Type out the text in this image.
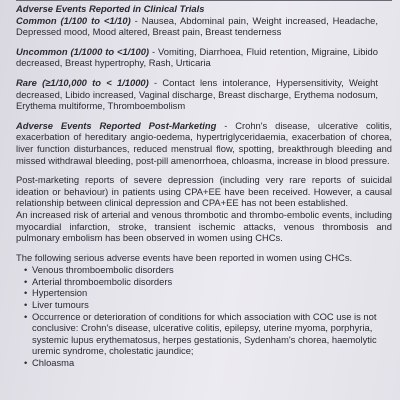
Adverse Events Reported in Clinical Trials

Common (1/100 to <1/10) - Nausea, Abdominal pain, Weight increased, Headache, Depressed mood, Mood altered, Breast pain, Breast tenderness

Uncommon (1/1000 to <1/100) - Vomiting, Diarrhoea, Fluid retention, Migraine, Libido decreased, Breast hypertrophy, Rash, Urticaria

Rare (≥1/10,000 to < 1/1000) - Contact lens intolerance, Hypersensitivity, Weight decreased, Libido increased, Vaginal discharge, Breast discharge, Erythema nodosum, Erythema multiforme, Thromboembolism

Adverse Events Reported Post-Marketing - Crohn's disease, ulcerative colitis, exacerbation of hereditary angio-oedema, hypertriglyceridaemia, exacerbation of chorea, liver function disturbances, reduced menstrual flow, spotting, breakthrough bleeding and missed withdrawal bleeding, post-pill amenorrhoea, chloasma, increase in blood pressure.

Post-marketing reports of severe depression (including very rare reports of suicidal ideation or behaviour) in patients using CPA+EE have been received. However, a causal relationship between clinical depression and CPA+EE has not been established.

An increased risk of arterial and venous thrombotic and thrombo-embolic events, including myocardial infarction, stroke, transient ischemic attacks, venous thrombosis and pulmonary embolism has been observed in women using CHCs.

The following serious adverse events have been reported in women using CHCs.

• Venous thromboembolic disorders
• Arterial thromboembolic disorders
• Hypertension
• Liver tumours
• Occurrence or deterioration of conditions for which association with COC use is not conclusive: Crohn's disease, ulcerative colitis, epilepsy, uterine myoma, porphyria, systemic lupus erythematosus, herpes gestationis, Sydenham's chorea, haemolytic uremic syndrome, cholestatic jaundice;
• Chloasma
